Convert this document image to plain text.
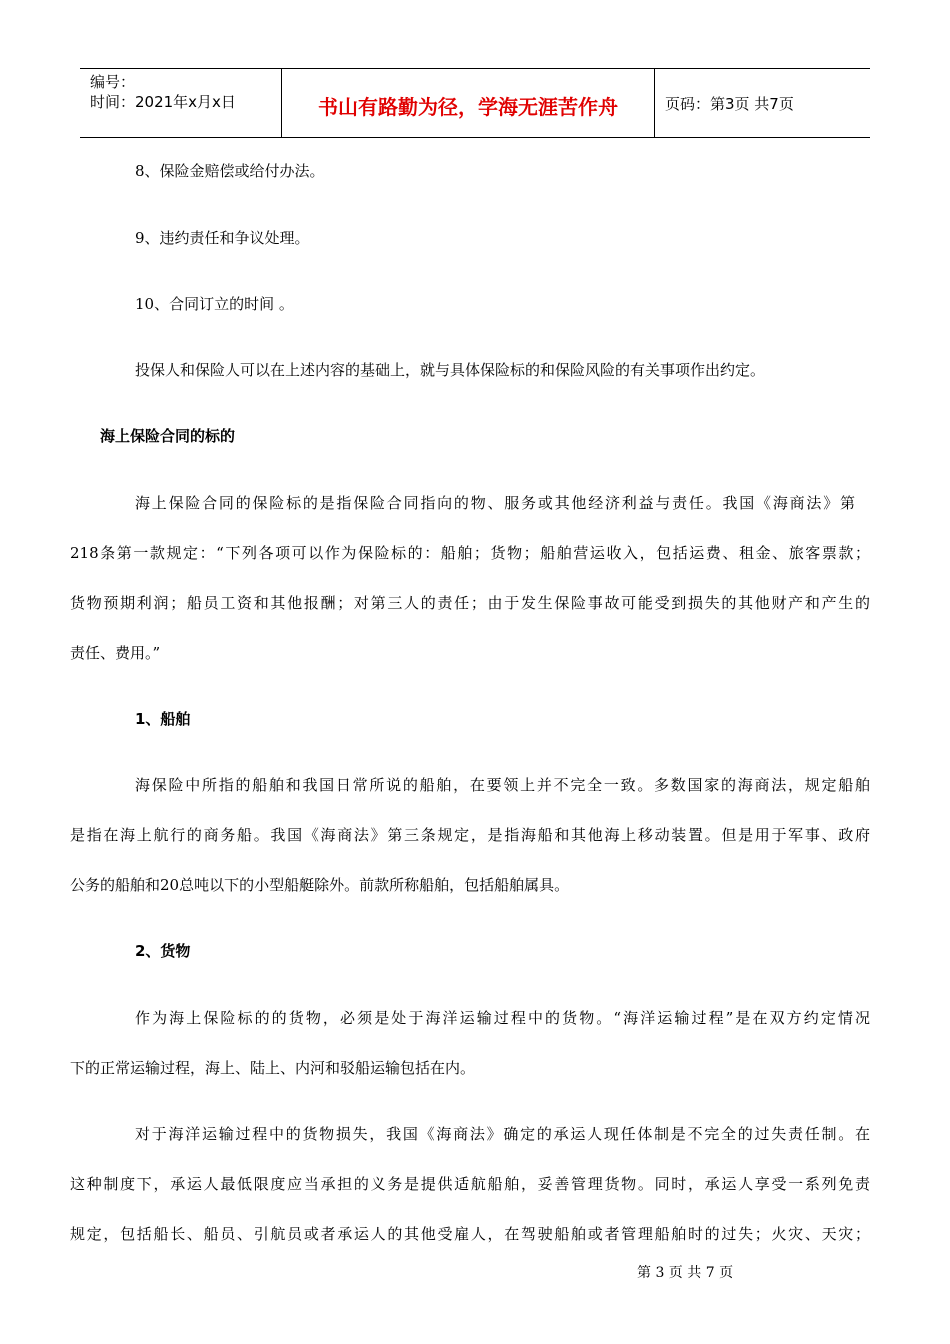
编号：
时间：2021年x月x日	书山有路勤为径，学海无涯苦作舟	页码：第3页 共7页
8、保险金赔偿或给付办法。
9、违约责任和争议处理。
10、合同订立的时间 。
投保人和保险人可以在上述内容的基础上，就与具体保险标的和保险风险的有关事项作出约定。
海上保险合同的标的
海上保险合同的保险标的是指保险合同指向的物、服务或其他经济利益与责任。我国《海商法》第
218条第一款规定：“下列各项可以作为保险标的：船舶；货物；船舶营运收入，包括运费、租金、旅客票款；
货物预期利润；船员工资和其他报酬；对第三人的责任；由于发生保险事故可能受到损失的其他财产和产生的
责任、费用。”
1、船舶
海保险中所指的船舶和我国日常所说的船舶，在要领上并不完全一致。多数国家的海商法，规定船舶
是指在海上航行的商务船。我国《海商法》第三条规定，是指海船和其他海上移动装置。但是用于军事、政府
公务的船舶和20总吨以下的小型船艇除外。前款所称船舶，包括船舶属具。
2、货物
作为海上保险标的的货物，必须是处于海洋运输过程中的货物。“海洋运输过程”是在双方约定情况
下的正常运输过程，海上、陆上、内河和驳船运输包括在内。
对于海洋运输过程中的货物损失，我国《海商法》确定的承运人现任体制是不完全的过失责任制。在
这种制度下，承运人最低限度应当承担的义务是提供适航船舶，妥善管理货物。同时，承运人享受一系列免责
规定，包括船长、船员、引航员或者承运人的其他受雇人，在驾驶船舶或者管理船舶时的过失；火灾、天灾；
第 3 页 共 7 页
